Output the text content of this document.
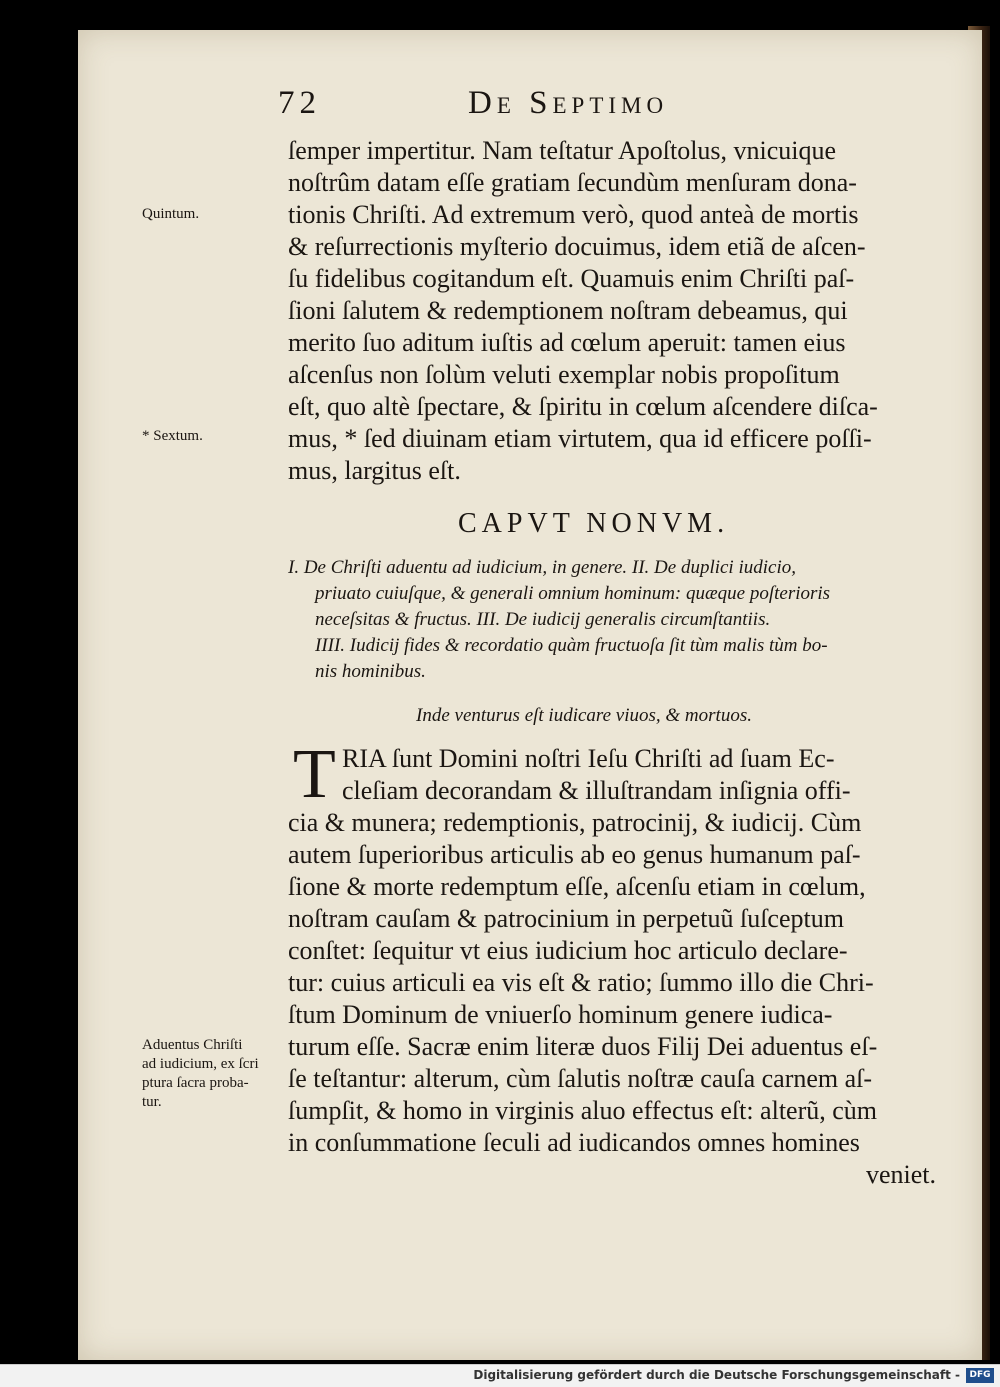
72	De Septimo
ſemper impertitur. Nam teſtatur Apoſtolus, vnicuique
noſtrûm datam eſſe gratiam ſecundùm menſuram dona-
tionis Chriſti. Ad extremum verò, quod anteà de mortis
& reſurrectionis myſterio docuimus, idem etiã de aſcen-
ſu fidelibus cogitandum eſt. Quamuis enim Chriſti paſ-
ſioni ſalutem & redemptionem noſtram debeamus, qui
merito ſuo aditum iuſtis ad cœlum aperuit: tamen eius
aſcenſus non ſolùm veluti exemplar nobis propoſitum
eſt, quo altè ſpectare, & ſpiritu in cœlum aſcendere diſca-
mus, * ſed diuinam etiam virtutem, qua id efficere poſſi-
mus, largitus eſt.
Quintum.
* Sextum.
CAPVT NONVM.
I. De Chriſti aduentu ad iudicium, in genere. II. De duplici iudicio,
priuato cuiuſque, & generali omnium hominum: quæque poſterioris
neceſsitas & fructus. III. De iudicij generalis circumſtantiis.
IIII. Iudicij fides & recordatio quàm fructuoſa ſit tùm malis tùm bo-
nis hominibus.
Inde venturus eſt iudicare viuos, & mortuos.
T RIA ſunt Domini noſtri Ieſu Chriſti ad ſuam Ec-
cleſiam decorandam & illuſtrandam inſignia offi-
cia & munera; redemptionis, patrocinij, & iudicij. Cùm
autem ſuperioribus articulis ab eo genus humanum paſ-
ſione & morte redemptum eſſe, aſcenſu etiam in cœlum,
noſtram cauſam & patrocinium in perpetuũ ſuſceptum
conſtet: ſequitur vt eius iudicium hoc articulo declare-
tur: cuius articuli ea vis eſt & ratio; ſummo illo die Chri-
ſtum Dominum de vniuerſo hominum genere iudica-
turum eſſe. Sacræ enim literæ duos Filij Dei aduentus eſ-
ſe teſtantur: alterum, cùm ſalutis noſtræ cauſa carnem aſ-
ſumpſit, & homo in virginis aluo effectus eſt: alterũ, cùm
in conſummatione ſeculi ad iudicandos omnes homines
veniet.
Aduentus Chriſti
ad iudicium, ex ſcri
ptura ſacra proba-
tur.
Digitalisierung gefördert durch die Deutsche Forschungsgemeinschaft -	DFG
